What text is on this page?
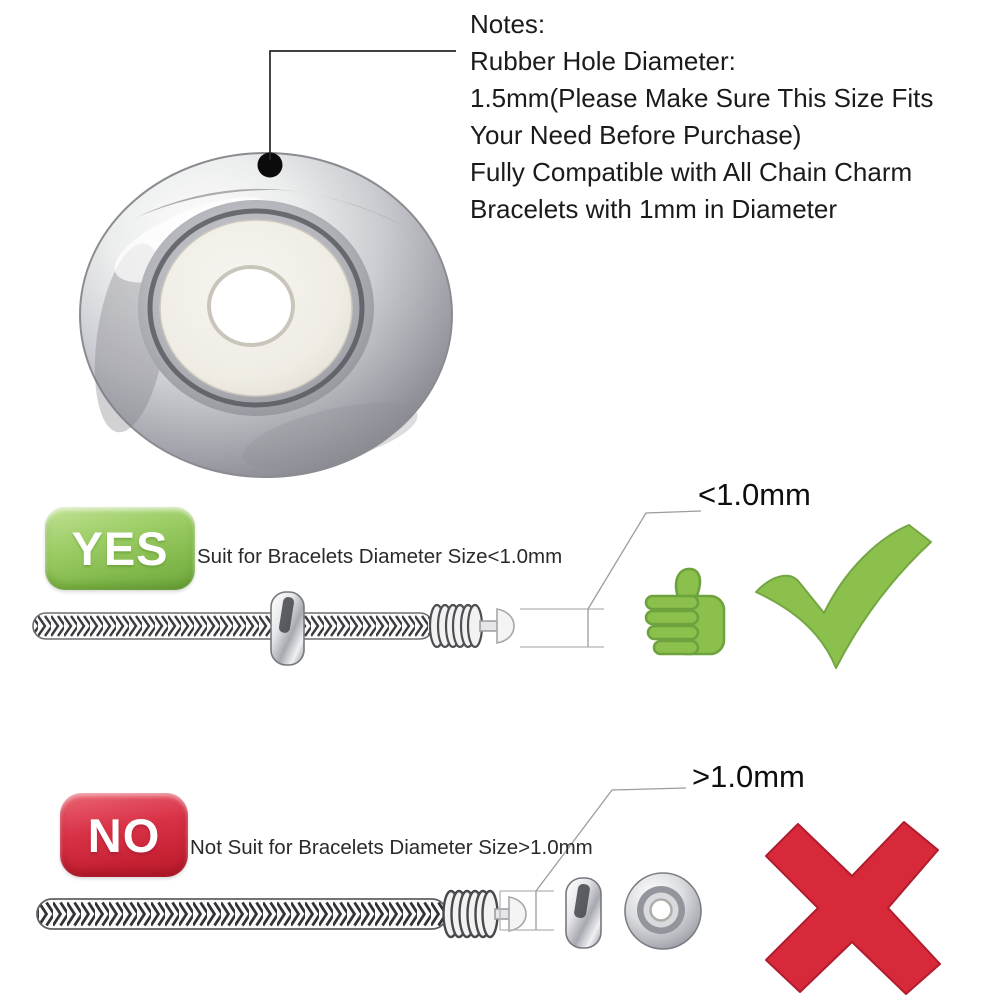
Notes:
Rubber Hole Diameter:
1.5mm(Please Make Sure This Size Fits
Your Need Before Purchase)
Fully Compatible with All Chain Charm
Bracelets with 1mm in Diameter
YES Suit for Bracelets Diameter Size<1.0mm
<1.0mm
NO Not Suit for Bracelets Diameter Size>1.0mm
>1.0mm
